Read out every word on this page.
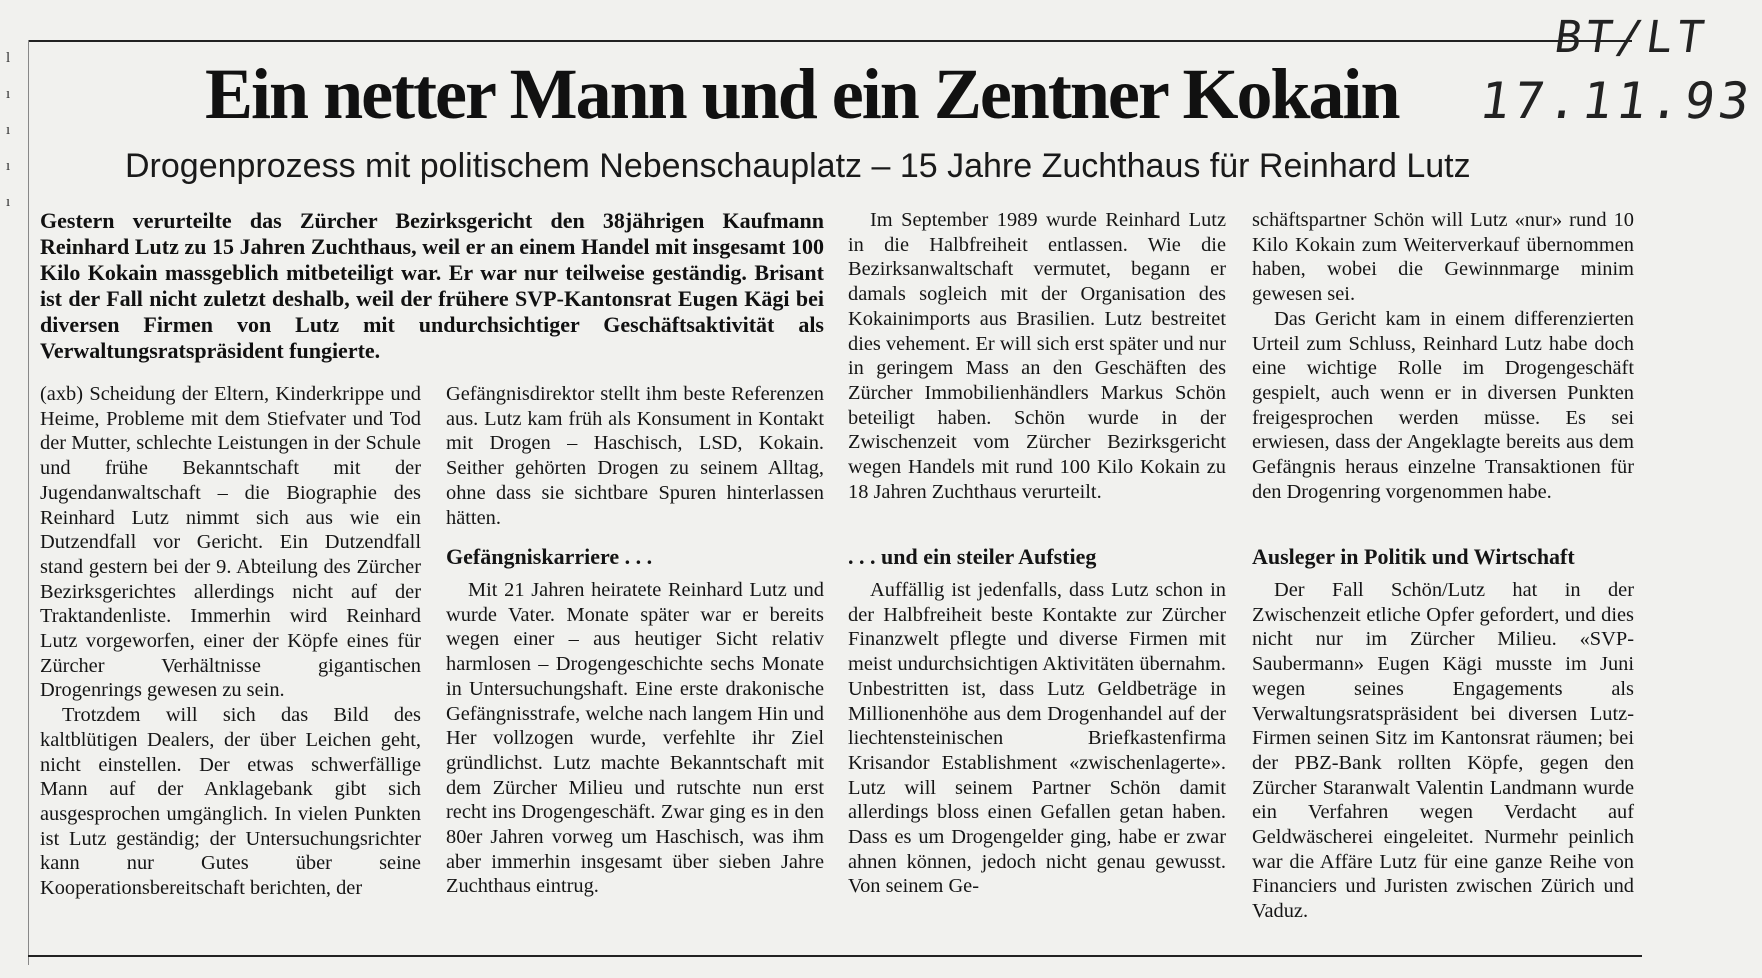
l
ı
ı
ı
ı
BT/LT
17.11.93
Ein netter Mann und ein Zentner Kokain
Drogenprozess mit politischem Nebenschauplatz – 15 Jahre Zuchthaus für Reinhard Lutz
Gestern verurteilte das Zürcher Bezirksgericht den 38jährigen Kaufmann Reinhard Lutz zu 15 Jahren Zuchthaus, weil er an einem Handel mit insgesamt 100 Kilo Kokain massgeblich mitbeteiligt war. Er war nur teilweise geständig. Brisant ist der Fall nicht zuletzt deshalb, weil der frühere SVP-Kantonsrat Eugen Kägi bei diversen Firmen von Lutz mit undurchsichtiger Geschäftsaktivität als Verwaltungsratspräsident fungierte.

(axb) Scheidung der Eltern, Kinderkrippe und Heime, Probleme mit dem Stiefvater und Tod der Mutter, schlechte Leistungen in der Schule und frühe Bekanntschaft mit der Jugendanwaltschaft – die Biographie des Reinhard Lutz nimmt sich aus wie ein Dutzendfall vor Gericht. Ein Dutzendfall stand gestern bei der 9. Abteilung des Zürcher Bezirksgerichtes allerdings nicht auf der Traktandenliste. Immerhin wird Reinhard Lutz vorgeworfen, einer der Köpfe eines für Zürcher Verhältnisse gigantischen Drogenrings gewesen zu sein.

Trotzdem will sich das Bild des kaltblütigen Dealers, der über Leichen geht, nicht einstellen. Der etwas schwerfällige Mann auf der Anklagebank gibt sich ausgesprochen umgänglich. In vielen Punkten ist Lutz geständig; der Untersuchungsrichter kann nur Gutes über seine Kooperationsbereitschaft berichten, der

Gefängnisdirektor stellt ihm beste Referenzen aus. Lutz kam früh als Konsument in Kontakt mit Drogen – Haschisch, LSD, Kokain. Seither gehörten Drogen zu seinem Alltag, ohne dass sie sichtbare Spuren hinterlassen hätten.

Gefängniskarriere . . .

Mit 21 Jahren heiratete Reinhard Lutz und wurde Vater. Monate später war er bereits wegen einer – aus heutiger Sicht relativ harmlosen – Drogengeschichte sechs Monate in Untersuchungshaft. Eine erste drakonische Gefängnisstrafe, welche nach langem Hin und Her vollzogen wurde, verfehlte ihr Ziel gründlichst. Lutz machte Bekanntschaft mit dem Zürcher Milieu und rutschte nun erst recht ins Drogengeschäft. Zwar ging es in den 80er Jahren vorweg um Haschisch, was ihm aber immerhin insgesamt über sieben Jahre Zuchthaus eintrug.

Im September 1989 wurde Reinhard Lutz in die Halbfreiheit entlassen. Wie die Bezirksanwaltschaft vermutet, begann er damals sogleich mit der Organisation des Kokainimports aus Brasilien. Lutz bestreitet dies vehement. Er will sich erst später und nur in geringem Mass an den Geschäften des Zürcher Immobilienhändlers Markus Schön beteiligt haben. Schön wurde in der Zwischenzeit vom Zürcher Bezirksgericht wegen Handels mit rund 100 Kilo Kokain zu 18 Jahren Zuchthaus verurteilt.

. . . und ein steiler Aufstieg

Auffällig ist jedenfalls, dass Lutz schon in der Halbfreiheit beste Kontakte zur Zürcher Finanzwelt pflegte und diverse Firmen mit meist undurchsichtigen Aktivitäten übernahm. Unbestritten ist, dass Lutz Geldbeträge in Millionenhöhe aus dem Drogenhandel auf der liechtensteinischen Briefkastenfirma Krisandor Establishment «zwischenlagerte». Lutz will seinem Partner Schön damit allerdings bloss einen Gefallen getan haben. Dass es um Drogengelder ging, habe er zwar ahnen können, jedoch nicht genau gewusst. Von seinem Ge-

schäftspartner Schön will Lutz «nur» rund 10 Kilo Kokain zum Weiterverkauf übernommen haben, wobei die Gewinnmarge minim gewesen sei.

Das Gericht kam in einem differenzierten Urteil zum Schluss, Reinhard Lutz habe doch eine wichtige Rolle im Drogengeschäft gespielt, auch wenn er in diversen Punkten freigesprochen werden müsse. Es sei erwiesen, dass der Angeklagte bereits aus dem Gefängnis heraus einzelne Transaktionen für den Drogenring vorgenommen habe.

Ausleger in Politik und Wirtschaft

Der Fall Schön/Lutz hat in der Zwischenzeit etliche Opfer gefordert, und dies nicht nur im Zürcher Milieu. «SVP-Saubermann» Eugen Kägi musste im Juni wegen seines Engagements als Verwaltungsratspräsident bei diversen Lutz-Firmen seinen Sitz im Kantonsrat räumen; bei der PBZ-Bank rollten Köpfe, gegen den Zürcher Staranwalt Valentin Landmann wurde ein Verfahren wegen Verdacht auf Geldwäscherei eingeleitet. Nurmehr peinlich war die Affäre Lutz für eine ganze Reihe von Financiers und Juristen zwischen Zürich und Vaduz.
